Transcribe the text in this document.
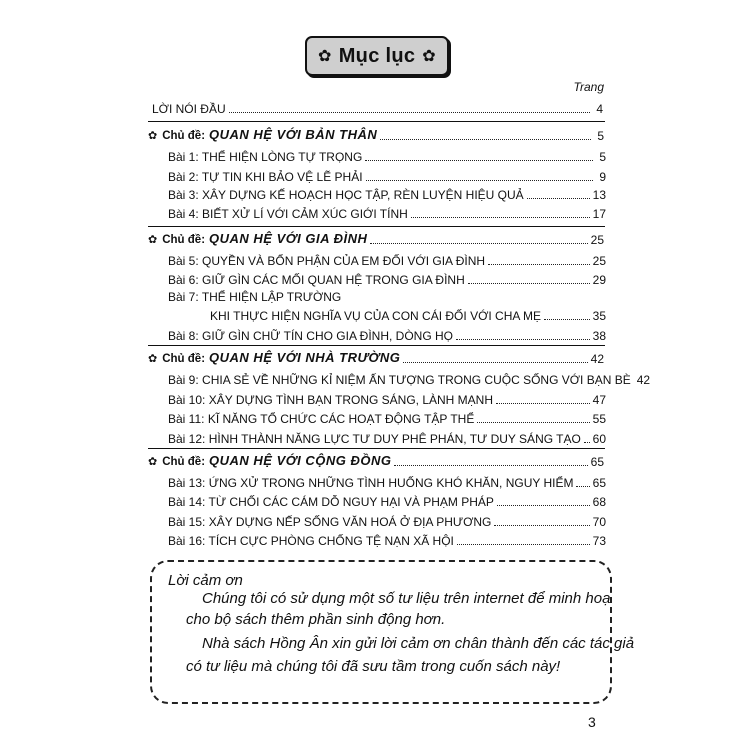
✿ Mục lục ✿
Trang
LỜI NÓI ĐẦU	4
✿ Chủ đề: QUAN HỆ VỚI BẢN THÂN	5
Bài 1: THỂ HIỆN LÒNG TỰ TRỌNG	5
Bài 2: TỰ TIN KHI BẢO VỆ LẼ PHẢI	9
Bài 3: XÂY DỰNG KẾ HOẠCH HỌC TẬP, RÈN LUYỆN HIỆU QUẢ	13
Bài 4: BIẾT XỬ LÍ VỚI CẢM XÚC GIỚI TÍNH	17
✿ Chủ đề: QUAN HỆ VỚI GIA ĐÌNH	25
Bài 5: QUYỀN VÀ BỔN PHẬN CỦA EM ĐỐI VỚI GIA ĐÌNH	25
Bài 6: GIỮ GÌN CÁC MỐI QUAN HỆ TRONG GIA ĐÌNH	29
Bài 7: THỂ HIỆN LẬP TRƯỜNG
KHI THỰC HIỆN NGHĨA VỤ CỦA CON CÁI ĐỐI VỚI CHA MẸ	35
Bài 8: GIỮ GÌN CHỮ TÍN CHO GIA ĐÌNH, DÒNG HỌ	38
✿ Chủ đề: QUAN HỆ VỚI NHÀ TRƯỜNG	42
Bài 9: CHIA SẺ VỀ NHỮNG KỈ NIỆM ẤN TƯỢNG TRONG CUỘC SỐNG VỚI BẠN BÈ 42
Bài 10: XÂY DỰNG TÌNH BẠN TRONG SÁNG, LÀNH MẠNH	47
Bài 11: KĨ NĂNG TỔ CHỨC CÁC HOẠT ĐỘNG TẬP THỂ	55
Bài 12: HÌNH THÀNH NĂNG LỰC TƯ DUY PHÊ PHÁN, TƯ DUY SÁNG TẠO 60
✿ Chủ đề: QUAN HỆ VỚI CỘNG ĐỒNG	65
Bài 13: ỨNG XỬ TRONG NHỮNG TÌNH HUỐNG KHÓ KHĂN, NGUY HIỂM 65
Bài 14: TỪ CHỐI CÁC CÁM DỖ NGUY HẠI VÀ PHẠM PHÁP	68
Bài 15: XÂY DỰNG NẾP SỐNG VĂN HOÁ Ở ĐỊA PHƯƠNG	70
Bài 16: TÍCH CỰC PHÒNG CHỐNG TỆ NẠN XÃ HỘI	73
Lời cảm ơn
Chúng tôi có sử dụng một số tư liệu trên internet để minh hoạ
cho bộ sách thêm phần sinh động hơn.
Nhà sách Hồng Ân xin gửi lời cảm ơn chân thành đến các tác giả
có tư liệu mà chúng tôi đã sưu tầm trong cuốn sách này!
3
